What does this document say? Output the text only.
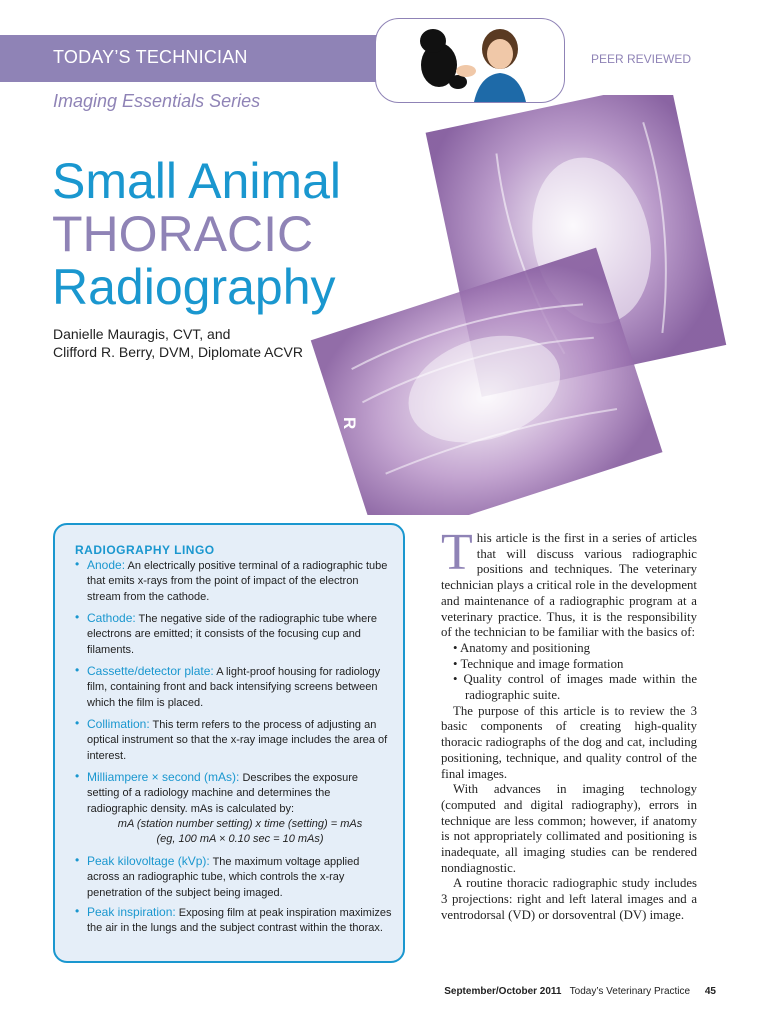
TODAY’S TECHNICIAN	PEER REVIEWED
Imaging Essentials Series
R
Small Animal
THORACIC
Radiography
Danielle Mauragis, CVT, and
Clifford R. Berry, DVM, Diplomate ACVR
RADIOGRAPHY LINGO
• Anode: An electrically positive terminal of a radiographic tube that emits x-rays from the point of impact of the electron stream from the cathode.
• Cathode: The negative side of the radiographic tube where electrons are emitted; it consists of the focusing cup and filaments.
• Cassette/detector plate: A light-proof housing for radiology film, containing front and back intensifying screens between which the film is placed.
• Collimation: This term refers to the process of adjusting an optical instrument so that the x-ray image includes the area of interest.
• Milliampere × second (mAs): Describes the exposure setting of a radiology machine and determines the radiographic density. mAs is calculated by:
mA (station number setting) x time (setting) = mAs
(eg, 100 mA × 0.10 sec = 10 mAs)
• Peak kilovoltage (kVp): The maximum voltage applied across an radiographic tube, which controls the x-ray penetration of the subject being imaged.
• Peak inspiration: Exposing film at peak inspiration maximizes the air in the lungs and the subject contrast within the thorax.

This article is the first in a series of articles that will discuss various radiographic positions and techniques. The veterinary technician plays a critical role in the development and maintenance of a radiographic program at a veterinary practice. Thus, it is the responsibility of the technician to be familiar with the basics of:

• Anatomy and positioning
• Technique and image formation
• Quality control of images made within the radiographic suite.

The purpose of this article is to review the 3 basic components of creating high-quality thoracic radiographs of the dog and cat, including positioning, technique, and quality control of the final images.

With advances in imaging technology (computed and digital radiography), errors in technique are less common; however, if anatomy is not appropriately collimated and positioning is inadequate, all imaging studies can be rendered nondiagnostic.

A routine thoracic radiographic study includes 3 projections: right and left lateral images and a ventrodorsal (VD) or dorsoventral (DV) image.

September/October 2011 Today’s Veterinary Practice 45
